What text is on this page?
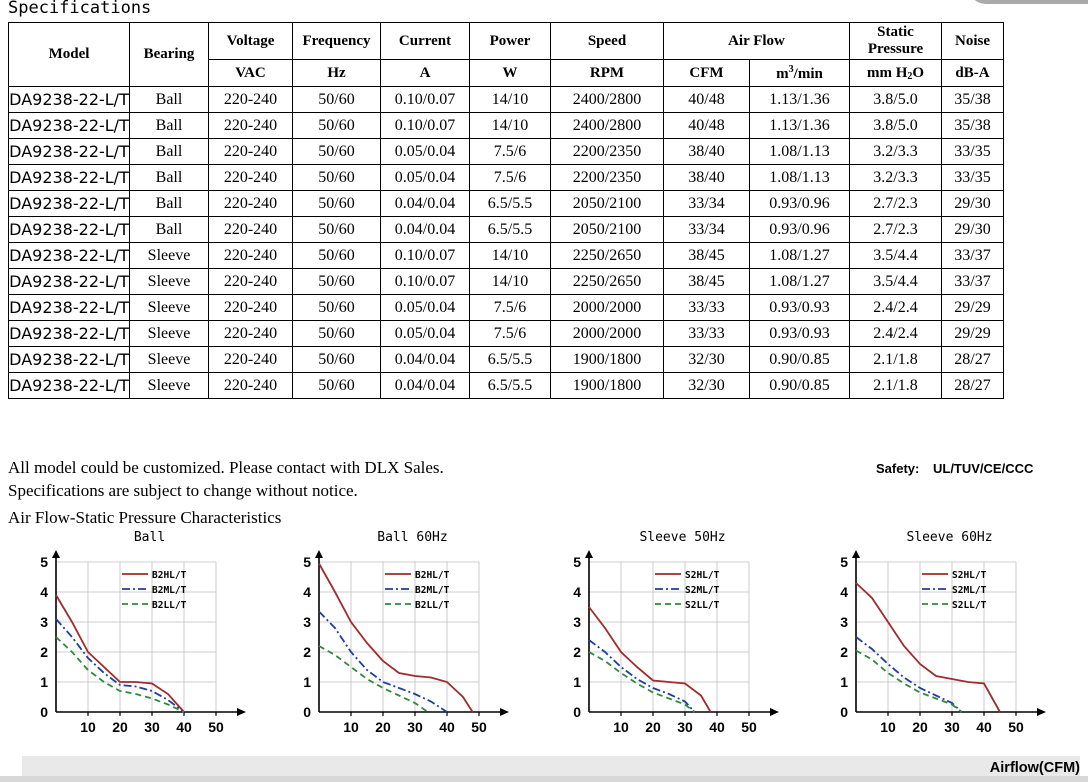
Specifications
Model	Bearing	Voltage	Frequency	Current	Power	Speed	Air Flow		Static Pressure	Noise
		VAC	Hz	A	W	RPM	CFM	$m^3/\min$	mm $H_2O$	dB-A
DA9238-22-L/T	Ball	220-240	50/60	0.10/0.07	14/10	2400/2800	40/48	1.13/1.36	3.8/5.0	35/38
DA9238-22-L/T	Ball	220-240	50/60	0.10/0.07	14/10	2400/2800	40/48	1.13/1.36	3.8/5.0	35/38
DA9238-22-L/T	Ball	220-240	50/60	0.05/0.04	7.5/6	2200/2350	38/40	1.08/1.13	3.2/3.3	33/35
DA9238-22-L/T	Ball	220-240	50/60	0.05/0.04	7.5/6	2200/2350	38/40	1.08/1.13	3.2/3.3	33/35
DA9238-22-L/T	Ball	220-240	50/60	0.04/0.04	6.5/5.5	2050/2100	33/34	0.93/0.96	2.7/2.3	29/30
DA9238-22-L/T	Ball	220-240	50/60	0.04/0.04	6.5/5.5	2050/2100	33/34	0.93/0.96	2.7/2.3	29/30
DA9238-22-L/T	Sleeve	220-240	50/60	0.10/0.07	14/10	2250/2650	38/45	1.08/1.27	3.5/4.4	33/37
DA9238-22-L/T	Sleeve	220-240	50/60	0.10/0.07	14/10	2250/2650	38/45	1.08/1.27	3.5/4.4	33/37
DA9238-22-L/T	Sleeve	220-240	50/60	0.05/0.04	7.5/6	2000/2000	33/33	0.93/0.93	2.4/2.4	29/29
DA9238-22-L/T	Sleeve	220-240	50/60	0.05/0.04	7.5/6	2000/2000	33/33	0.93/0.93	2.4/2.4	29/29
DA9238-22-L/T	Sleeve	220-240	50/60	0.04/0.04	6.5/5.5	1900/1800	32/30	0.90/0.85	2.1/1.8	28/27
DA9238-22-L/T	Sleeve	220-240	50/60	0.04/0.04	6.5/5.5	1900/1800	32/30	0.90/0.85	2.1/1.8	28/27
All model could be customized. Please contact with DLX Sales.
Specifications are subject to change without notice.
Safety: UL/TUV/CE/CCC
Air Flow-Static Pressure Characteristics
Ball
0
1
2
3
4
5
10 20 30 40 50
B2HL/T
B2ML/T
B2LL/T
Ball 60Hz
0
1
2
3
4
5
10 20 30 40 50
B2HL/T
B2ML/T
B2LL/T
Sleeve 50Hz
0
1
2
3
4
5
10 20 30 40 50
S2HL/T
S2ML/T
S2LL/T
Sleeve 60Hz
0
1
2
3
4
5
10 20 30 40 50
S2HL/T
S2ML/T
S2LL/T
Airflow(CFM)
